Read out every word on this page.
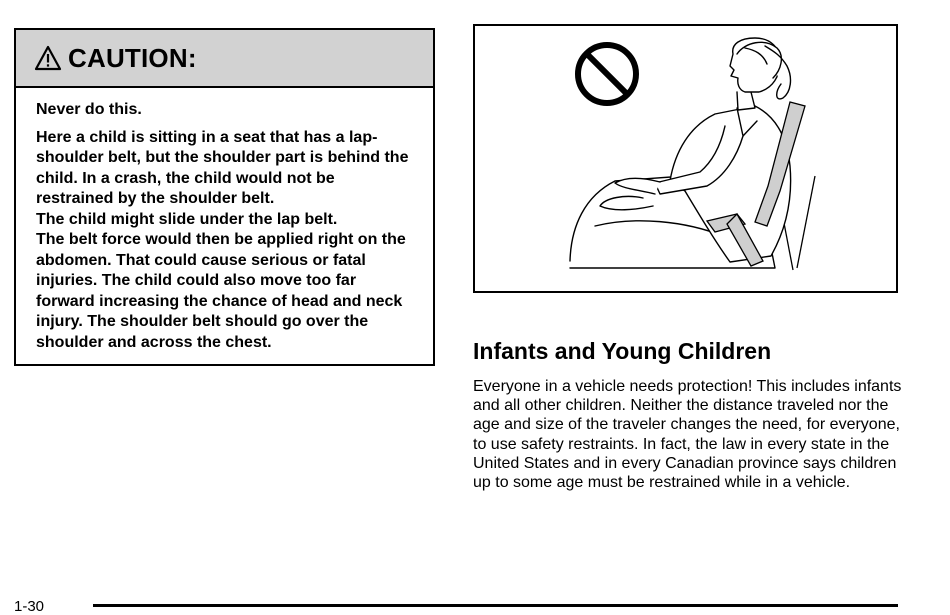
CAUTION:

Never do this.

Here a child is sitting in a seat that has a lap-shoulder belt, but the shoulder part is behind the child. In a crash, the child would not be restrained by the shoulder belt.

The child might slide under the lap belt.

The belt force would then be applied right on the abdomen. That could cause serious or fatal injuries. The child could also move too far forward increasing the chance of head and neck injury. The shoulder belt should go over the shoulder and across the chest.	Infants and Young Children

Everyone in a vehicle needs protection! This includes infants and all other children. Neither the distance traveled nor the age and size of the traveler changes the need, for everyone, to use safety restraints. In fact, the law in every state in the United States and in every Canadian province says children up to some age must be restrained while in a vehicle.

1-30
